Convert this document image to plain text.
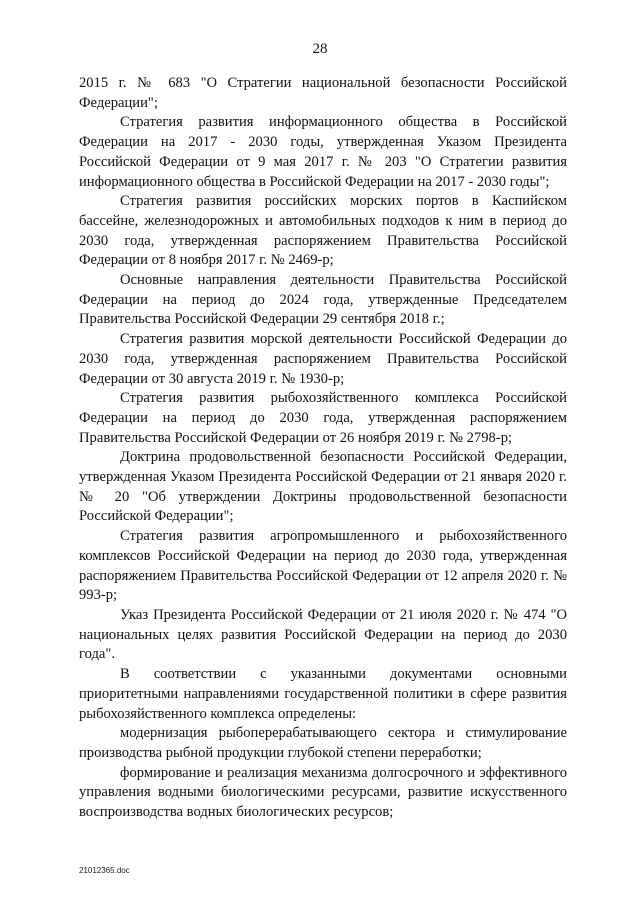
28

2015 г. № 683 "О Стратегии национальной безопасности Российской Федерации";

Стратегия развития информационного общества в Российской Федерации на 2017 - 2030 годы, утвержденная Указом Президента Российской Федерации от 9 мая 2017 г. № 203 "О Стратегии развития информационного общества в Российской Федерации на 2017 - 2030 годы";

Стратегия развития российских морских портов в Каспийском бассейне, железнодорожных и автомобильных подходов к ним в период до 2030 года, утвержденная распоряжением Правительства Российской Федерации от 8 ноября 2017 г. № 2469-р;

Основные направления деятельности Правительства Российской Федерации на период до 2024 года, утвержденные Председателем Правительства Российской Федерации 29 сентября 2018 г.;

Стратегия развития морской деятельности Российской Федерации до 2030 года, утвержденная распоряжением Правительства Российской Федерации от 30 августа 2019 г. № 1930-р;

Стратегия развития рыбохозяйственного комплекса Российской Федерации на период до 2030 года, утвержденная распоряжением Правительства Российской Федерации от 26 ноября 2019 г. № 2798-р;

Доктрина продовольственной безопасности Российской Федерации, утвержденная Указом Президента Российской Федерации от 21 января 2020 г. № 20 "Об утверждении Доктрины продовольственной безопасности Российской Федерации";

Стратегия развития агропромышленного и рыбохозяйственного комплексов Российской Федерации на период до 2030 года, утвержденная распоряжением Правительства Российской Федерации от 12 апреля 2020 г. № 993-р;

Указ Президента Российской Федерации от 21 июля 2020 г. № 474 "О национальных целях развития Российской Федерации на период до 2030 года".

В соответствии с указанными документами основными приоритетными направлениями государственной политики в сфере развития рыбохозяйственного комплекса определены:

модернизация рыбоперерабатывающего сектора и стимулирование производства рыбной продукции глубокой степени переработки;

формирование и реализация механизма долгосрочного и эффективного управления водными биологическими ресурсами, развитие искусственного воспроизводства водных биологических ресурсов;

21012365.doc
